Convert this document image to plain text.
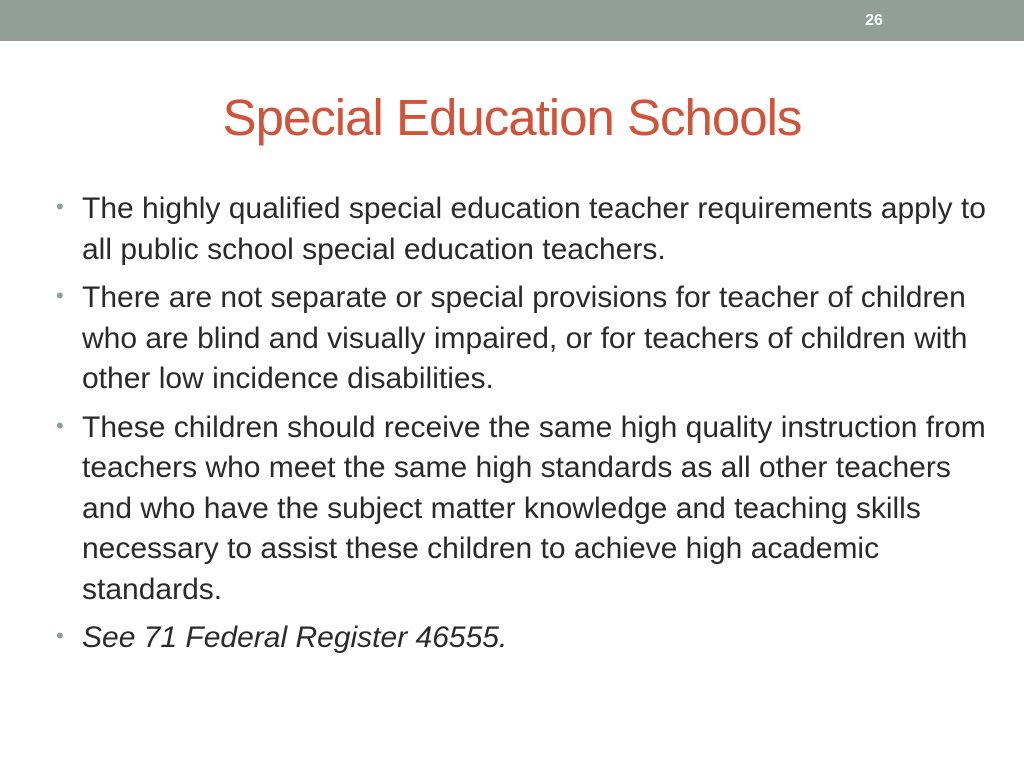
26
Special Education Schools
• The highly qualified special education teacher requirements apply to all public school special education teachers.
• There are not separate or special provisions for teacher of children who are blind and visually impaired, or for teachers of children with other low incidence disabilities.
• These children should receive the same high quality instruction from teachers who meet the same high standards as all other teachers and who have the subject matter knowledge and teaching skills necessary to assist these children to achieve high academic standards.
• See 71 Federal Register 46555.
